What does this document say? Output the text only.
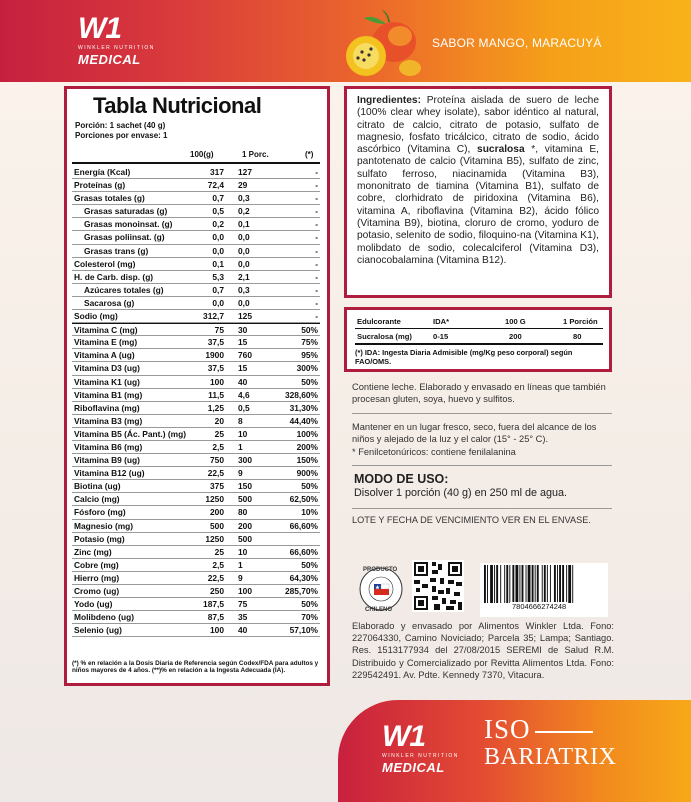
W1
WINKLER NUTRITION
MEDICAL
SABOR MANGO, MARACUYÁ
Tabla Nutricional
Porción: 1 sachet (40 g)
Porciones por envase: 1
100(g)	1 Porc.	(*)
Energía (Kcal)	317 127	-
Proteínas (g)	72,4 29	-
Grasas totales (g)	0,7 0,3	-
Grasas saturadas (g)	0,5 0,2	-
Grasas monoinsat. (g)	0,2 0,1	-
Grasas poliinsat. (g)	0,0 0,0	-
Grasas trans (g)	0,0 0,0	-
Colesterol (mg)	0,1 0,0	-
H. de Carb. disp. (g)	5,3 2,1	-
Azúcares totales (g)	0,7 0,3	-
Sacarosa (g)	0,0 0,0	-
Sodio (mg)	312,7 125	-
Vitamina C (mg)	75 30	50%
Vitamina E (mg)	37,5 15	75%
Vitamina A (ug)	1900 760	95%
Vitamina D3 (ug)	37,5 15	300%
Vitamina K1 (ug)	100 40	50%
Vitamina B1 (mg)	11,5 4,6	328,60%
Riboflavina (mg)	1,25 0,5	31,30%
Vitamina B3 (mg)	20 8	44,40%
Vitamina B5 (Ác. Pant.) (mg)	25 10	100%
Vitamina B6 (mg)	2,5 1	200%
Vitamina B9 (ug)	750 300	150%
Vitamina B12 (ug)	22,5 9	900%
Biotina (ug)	375 150	50%
Calcio (mg)	1250 500	62,50%
Fósforo (mg)	200 80	10%
Magnesio (mg)	500 200	66,60%
Potasio (mg)	1250 500
Zinc (mg)	25 10	66,60%
Cobre (mg)	2,5 1	50%
Hierro (mg)	22,5 9	64,30%
Cromo (ug)	250 100	285,70%
Yodo (ug)	187,5 75	50%
Molibdeno (ug)	87,5 35	70%
Selenio (ug)	100 40	57,10%
(*) % en relación a la Dosis Diaria de Referencia según Codex/FDA para adultos y niños mayores de 4 años. (**)% en relación a la Ingesta Adecuada (IA).
Ingredientes: Proteína aislada de suero de leche (100% clear whey isolate), sabor idéntico al natural, citrato de calcio, citrato de potasio, sulfato de magnesio, fosfato tricálcico, citrato de sodio, ácido ascórbico (Vitamina C), sucralosa *, vitamina E, pantotenato de calcio (Vitamina B5), sulfato de zinc, sulfato ferroso, niacinamida (Vitamina B3), mononitrato de tiamina (Vitamina B1), sulfato de cobre, clorhidrato de piridoxina (Vitamina B6), vitamina A, riboflavina (Vitamina B2), ácido fólico (Vitamina B9), biotina, cloruro de cromo, yoduro de potasio, selenito de sodio, filoquino-na (Vitamina K1), molibdato de sodio, colecalciferol (Vitamina D3), cianocobalamina (Vitamina B12).
Edulcorante	IDA*	100 G	1 Porción
Sucralosa (mg)	0-15	200	80
(*) IDA: Ingesta Diaria Admisible (mg/Kg peso corporal) según FAO/OMS.
Contiene leche. Elaborado y envasado en líneas que también procesan gluten, soya, huevo y sulfitos.
Mantener en un lugar fresco, seco, fuera del alcance de los niños y alejado de la luz y el calor (15° - 25° C).
* Fenilcetonúricos: contiene fenilalanina
MODO DE USO:
Disolver 1 porción (40 g) en 250 ml de agua.
LOTE Y FECHA DE VENCIMIENTO VER EN EL ENVASE.
PRODUCTO
CHILENO	7804666274248
Elaborado y envasado por Alimentos Winkler Ltda. Fono: 227064330, Camino Noviciado; Parcela 35; Lampa; Santiago. Res. 1513177934 del 27/08/2015 SEREMI de Salud R.M. Distribuido y Comercializado por Revitta Alimentos Ltda. Fono: 229542491. Av. Pdte. Kennedy 7370, Vitacura.
W1
WINKLER NUTRITION
MEDICAL
ISO
BARIATRIX
